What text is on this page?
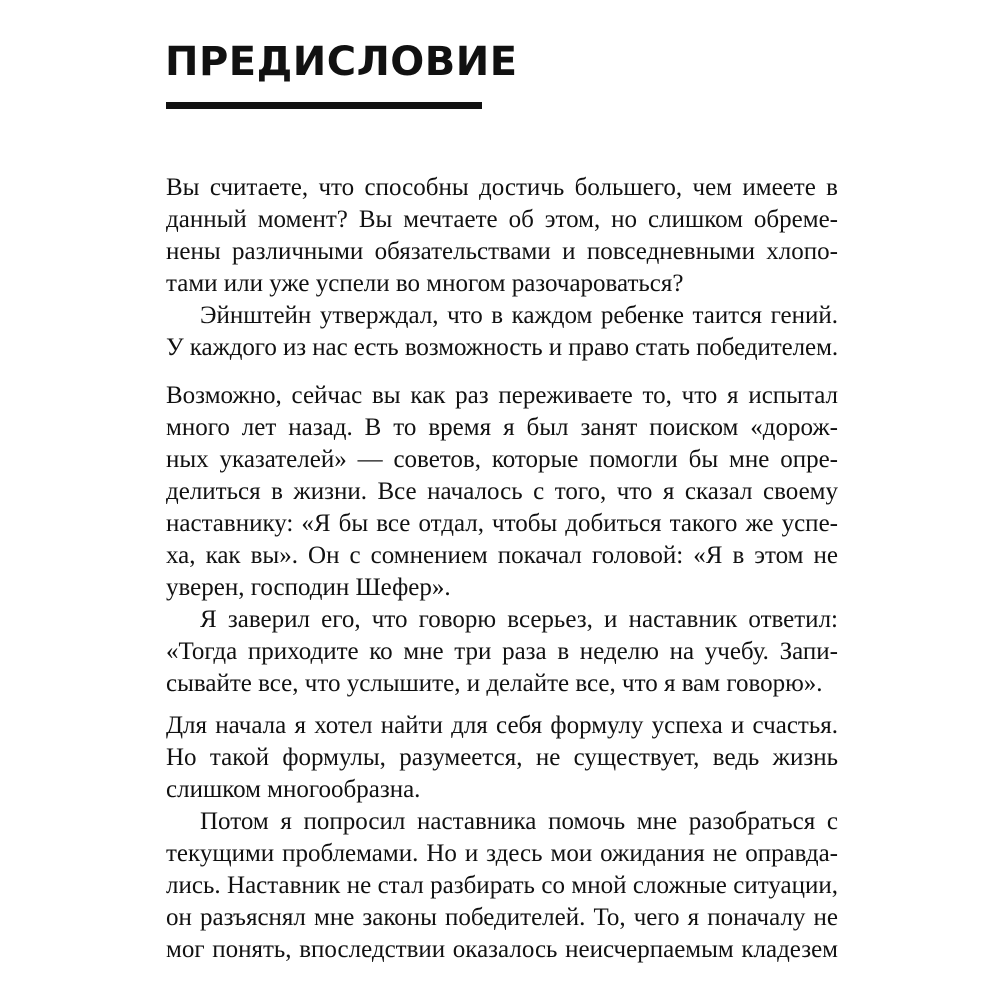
ПРЕДИСЛОВИЕ
Вы считаете, что способны достичь большего, чем имеете в
данный момент? Вы мечтаете об этом, но слишком обреме-
нены различными обязательствами и повседневными хлопо-
тами или уже успели во многом разочароваться?
Эйнштейн утверждал, что в каждом ребенке таится гений.
У каждого из нас есть возможность и право стать победителем.
Возможно, сейчас вы как раз переживаете то, что я испытал
много лет назад. В то время я был занят поиском «дорож-
ных указателей» — советов, которые помогли бы мне опре-
делиться в жизни. Все началось с того, что я сказал своему
наставнику: «Я бы все отдал, чтобы добиться такого же успе-
ха, как вы». Он с сомнением покачал головой: «Я в этом не
уверен, господин Шефер».
Я заверил его, что говорю всерьез, и наставник ответил:
«Тогда приходите ко мне три раза в неделю на учебу. Запи-
сывайте все, что услышите, и делайте все, что я вам говорю».
Для начала я хотел найти для себя формулу успеха и счастья.
Но такой формулы, разумеется, не существует, ведь жизнь
слишком многообразна.
Потом я попросил наставника помочь мне разобраться с
текущими проблемами. Но и здесь мои ожидания не оправда-
лись. Наставник не стал разбирать со мной сложные ситуации,
он разъяснял мне законы победителей. То, чего я поначалу не
мог понять, впоследствии оказалось неисчерпаемым кладезем
